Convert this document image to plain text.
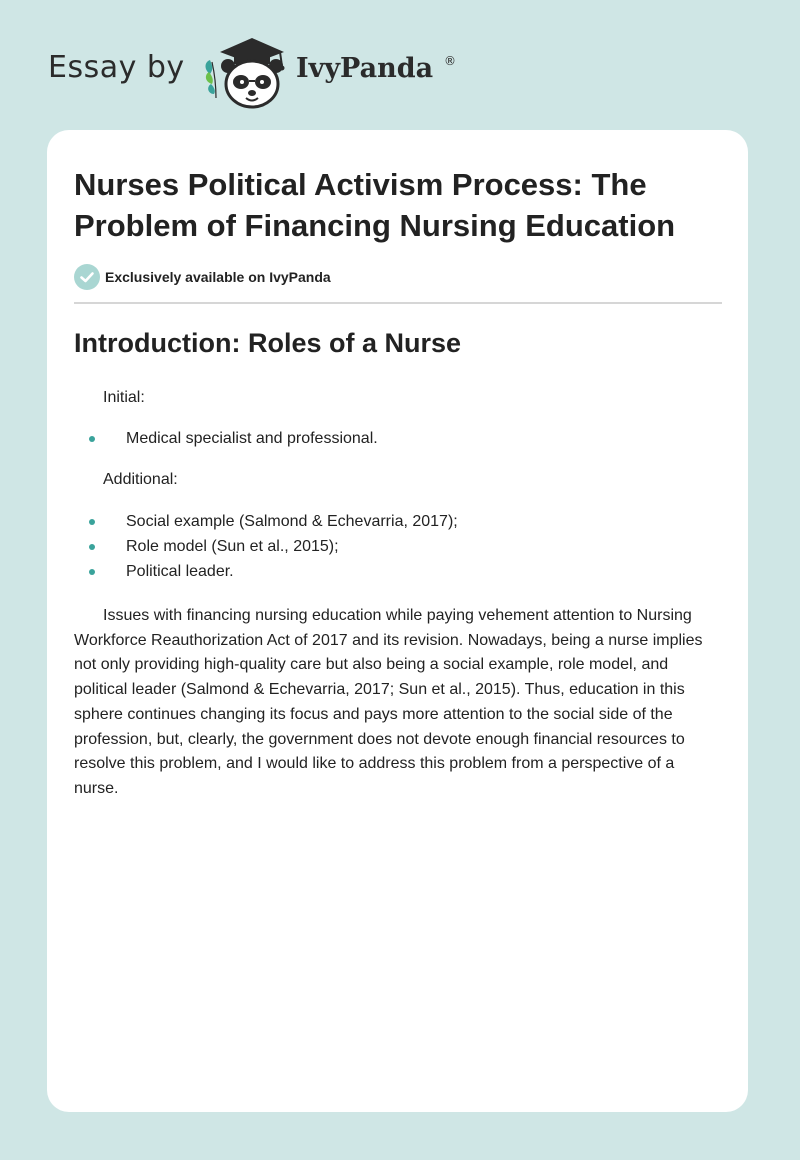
Essay by	IvyPanda ®
Nurses Political Activism Process: The Problem of Financing Nursing Education
Exclusively available on IvyPanda
Introduction: Roles of a Nurse

Initial:

Medical specialist and professional.

Additional:

Social example (Salmond & Echevarria, 2017);

Role model (Sun et al., 2015);

Political leader.

Issues with financing nursing education while paying vehement attention to Nursing Workforce Reauthorization Act of 2017 and its revision. Nowadays, being a nurse implies not only providing high-quality care but also being a social example, role model, and political leader (Salmond & Echevarria, 2017; Sun et al., 2015). Thus, education in this sphere continues changing its focus and pays more attention to the social side of the profession, but, clearly, the government does not devote enough financial resources to resolve this problem, and I would like to address this problem from a perspective of a nurse.
